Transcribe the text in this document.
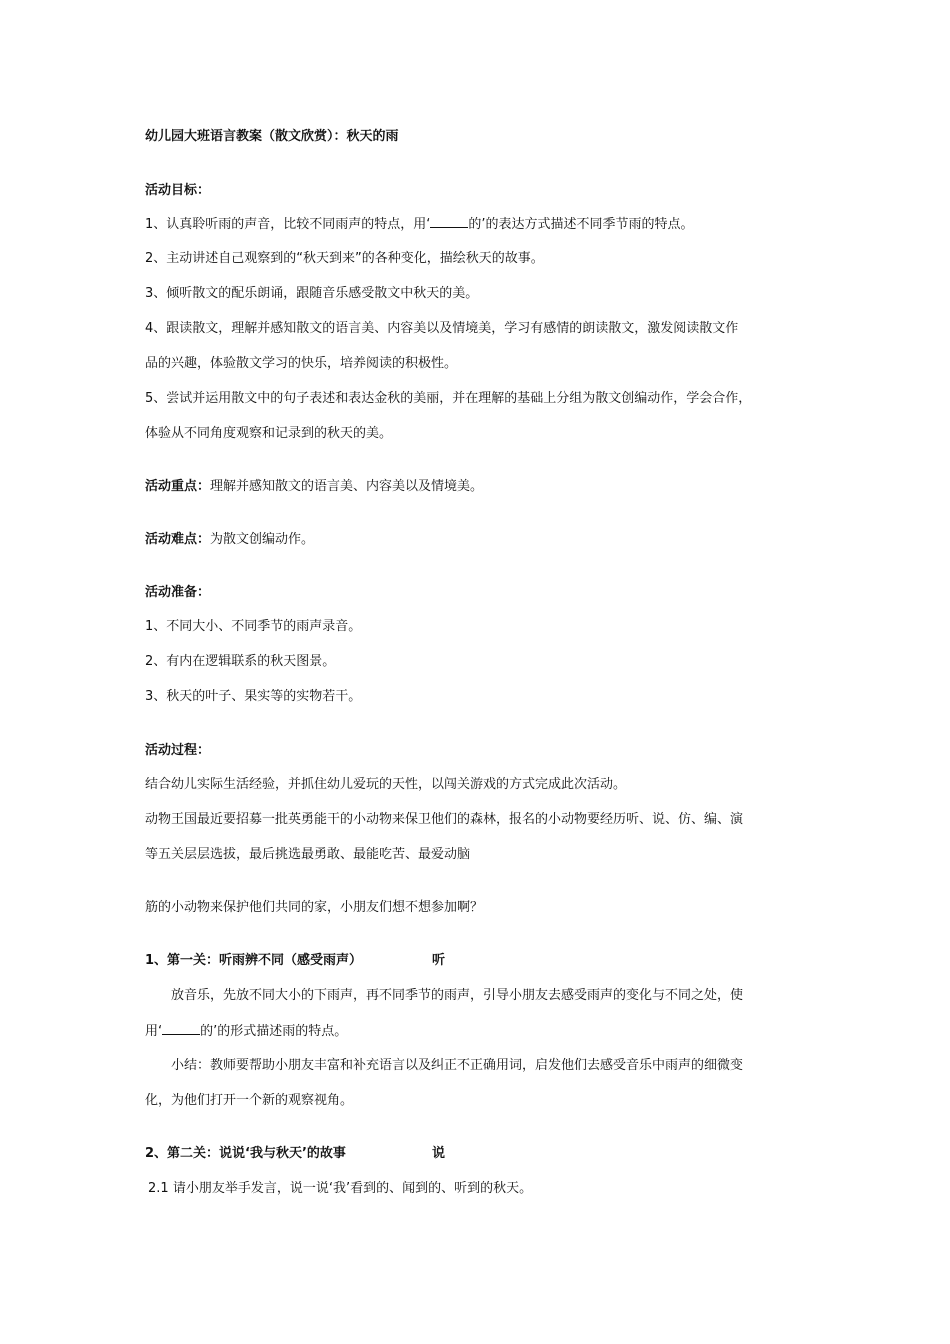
幼儿园大班语言教案（散文欣赏）：秋天的雨
活动目标：
1、认真聆听雨的声音，比较不同雨声的特点，用‘	的’的表达方式描述不同季节雨的特点。
2、主动讲述自己观察到的“秋天到来”的各种变化，描绘秋天的故事。
3、倾听散文的配乐朗诵，跟随音乐感受散文中秋天的美。
4、跟读散文，理解并感知散文的语言美、内容美以及情境美，学习有感情的朗读散文，激发阅读散文作
品的兴趣，体验散文学习的快乐，培养阅读的积极性。
5、尝试并运用散文中的句子表述和表达金秋的美丽，并在理解的基础上分组为散文创编动作，学会合作，
体验从不同角度观察和记录到的秋天的美。
活动重点：理解并感知散文的语言美、内容美以及情境美。
活动难点：为散文创编动作。
活动准备：
1、不同大小、不同季节的雨声录音。
2、有内在逻辑联系的秋天图景。
3、秋天的叶子、果实等的实物若干。
活动过程：
结合幼儿实际生活经验，并抓住幼儿爱玩的天性，以闯关游戏的方式完成此次活动。
动物王国最近要招募一批英勇能干的小动物来保卫他们的森林，报名的小动物要经历听、说、仿、编、演
等五关层层选拔，最后挑选最勇敢、最能吃苦、最爱动脑
筋的小动物来保护他们共同的家，小朋友们想不想参加啊？
1、第一关：听雨辨不同（感受雨声）	听
放音乐，先放不同大小的下雨声，再不同季节的雨声，引导小朋友去感受雨声的变化与不同之处，使
用‘	的’的形式描述雨的特点。
小结：教师要帮助小朋友丰富和补充语言以及纠正不正确用词，启发他们去感受音乐中雨声的细微变
化，为他们打开一个新的观察视角。
2、第二关：说说‘我与秋天’的故事	说
2.1 请小朋友举手发言，说一说‘我’看到的、闻到的、听到的秋天。
